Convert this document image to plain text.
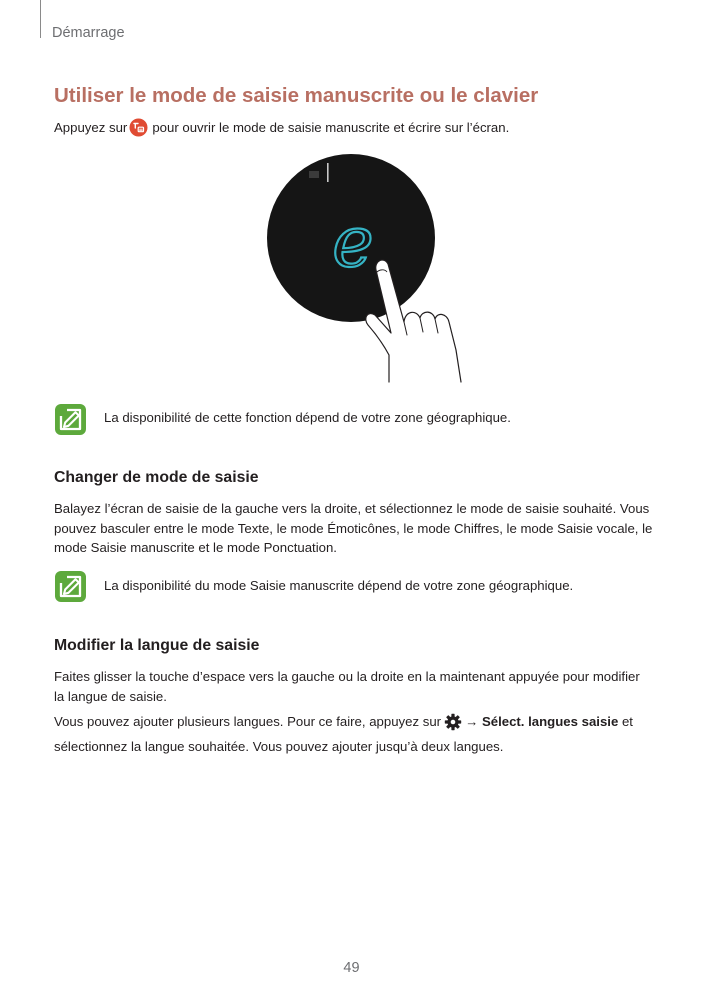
Démarrage
Utiliser le mode de saisie manuscrite ou le clavier

Appuyez sur pour ouvrir le mode de saisie manuscrite et écrire sur l’écran.

e
La disponibilité de cette fonction dépend de votre zone géographique.
Changer de mode de saisie

Balayez l’écran de saisie de la gauche vers la droite, et sélectionnez le mode de saisie souhaité. Vous
pouvez basculer entre le mode Texte, le mode Émoticônes, le mode Chiffres, le mode Saisie vocale, le
mode Saisie manuscrite et le mode Ponctuation.

La disponibilité du mode Saisie manuscrite dépend de votre zone géographique.
Modifier la langue de saisie

Faites glisser la touche d’espace vers la gauche ou la droite en la maintenant appuyée pour modifier
la langue de saisie.

Vous pouvez ajouter plusieurs langues. Pour ce faire, appuyez sur → Sélect. langues saisie et
sélectionnez la langue souhaitée. Vous pouvez ajouter jusqu’à deux langues.

49
